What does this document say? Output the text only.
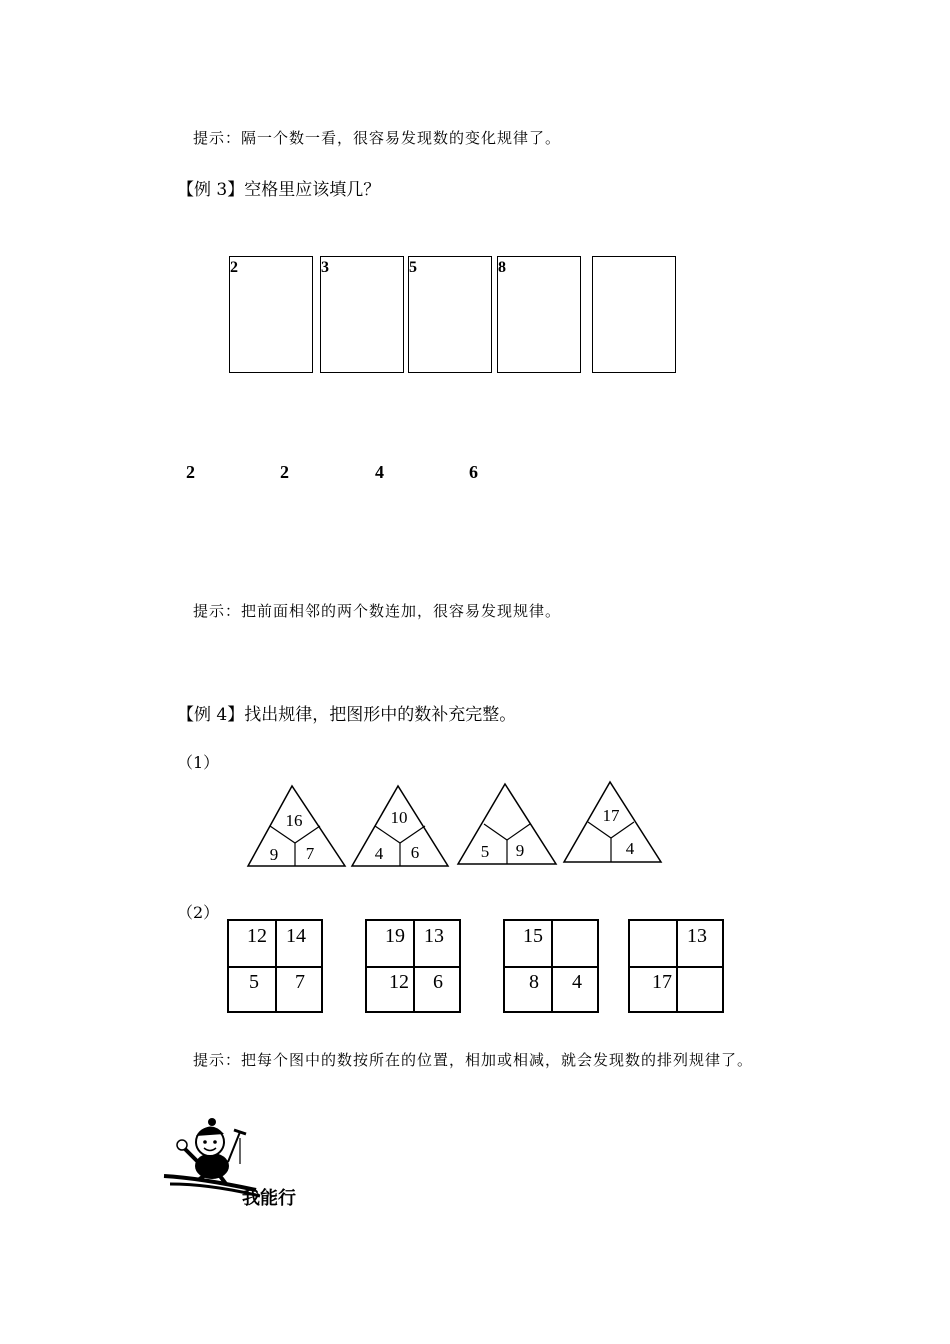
提示：隔一个数一看，很容易发现数的变化规律了。
【例 3】空格里应该填几？
2	3	5	8
2	2	4	6
提示：把前面相邻的两个数连加，很容易发现规律。
【例 4】找出规律，把图形中的数补充完整。
（1）
16
9 7
10
4 6	5 9
17
4
（2）
12 14
5 7
19 13
12 6
15
8 4
13
17
提示：把每个图中的数按所在的位置，相加或相减，就会发现数的排列规律了。
我能行
